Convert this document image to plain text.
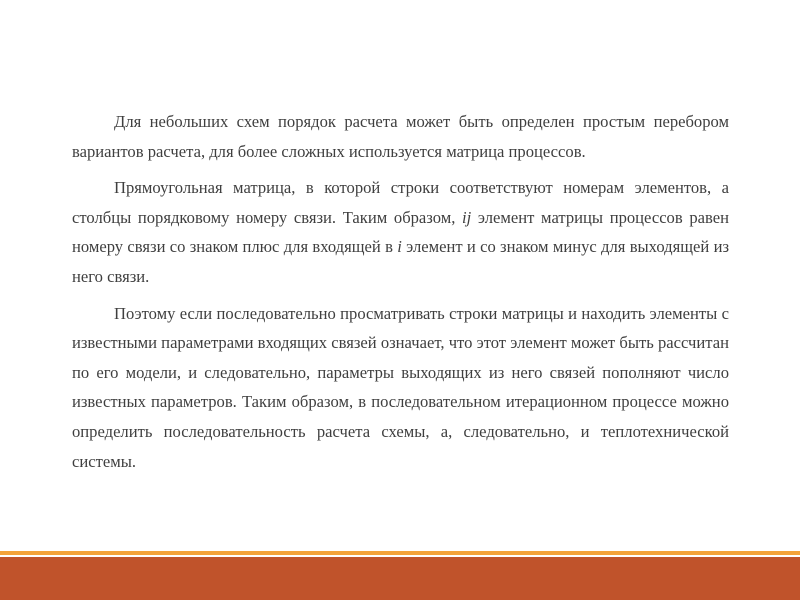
Для небольших схем порядок расчета может быть определен простым перебором вариантов расчета, для более сложных используется матрица процессов.

Прямоугольная матрица, в которой строки соответствуют номерам элементов, а столбцы порядковому номеру связи. Таким образом, ij элемент матрицы процессов равен номеру связи со знаком плюс для входящей в i элемент и со знаком минус для выходящей из него связи.

Поэтому если последовательно просматривать строки матрицы и находить элементы с известными параметрами входящих связей означает, что этот элемент может быть рассчитан по его модели, и следовательно, параметры выходящих из него связей пополняют число известных параметров. Таким образом, в последовательном итерационном процессе можно определить последовательность расчета схемы, а, следовательно, и теплотехнической системы.
